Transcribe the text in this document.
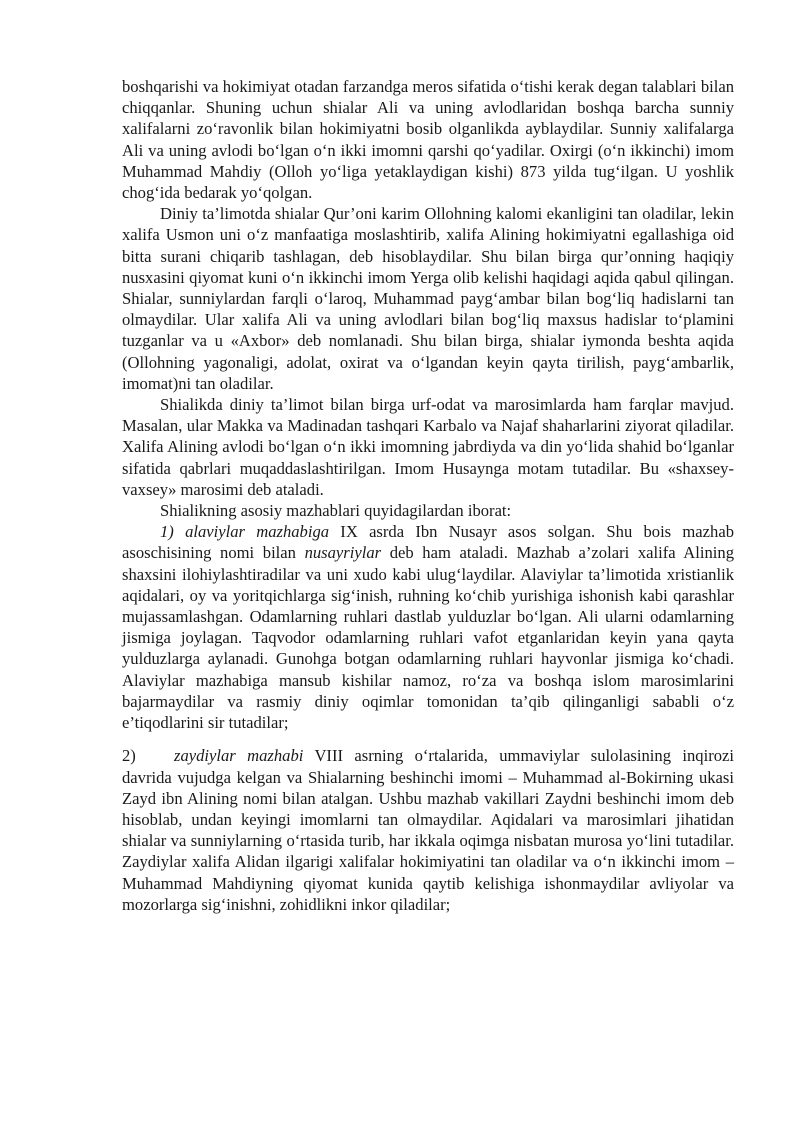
boshqarishi va hokimiyat otadan farzandga meros sifatida o‘tishi kerak degan talablari bilan chiqqanlar. Shuning uchun shialar Ali va uning avlodlaridan boshqa barcha sunniy xalifalarni zo‘ravonlik bilan hokimiyatni bosib olganlikda ayblaydilar. Sunniy xalifalarga Ali va uning avlodi bo‘lgan o‘n ikki imomni qarshi qo‘yadilar. Oxirgi (o‘n ikkinchi) imom Muhammad Mahdiy (Olloh yo‘liga yetaklaydigan kishi) 873 yilda tug‘ilgan. U yoshlik chog‘ida bedarak yo‘qolgan.

Diniy ta’limotda shialar Qur’oni karim Ollohning kalomi ekanligini tan oladilar, lekin xalifa Usmon uni o‘z manfaatiga moslashtirib, xalifa Alining hokimiyatni egallashiga oid bitta surani chiqarib tashlagan, deb hisoblaydilar. Shu bilan birga qur’onning haqiqiy nusxasini qiyomat kuni o‘n ikkinchi imom Yerga olib kelishi haqidagi aqida qabul qilingan. Shialar, sunniylardan farqli o‘laroq, Muhammad payg‘ambar bilan bog‘liq hadislarni tan olmaydilar. Ular xalifa Ali va uning avlodlari bilan bog‘liq maxsus hadislar to‘plamini tuzganlar va u «Axbor» deb nomlanadi. Shu bilan birga, shialar iymonda beshta aqida (Ollohning yagonaligi, adolat, oxirat va o‘lgandan keyin qayta tirilish, payg‘ambarlik, imomat)ni tan oladilar.

Shialikda diniy ta’limot bilan birga urf-odat va marosimlarda ham farqlar mavjud. Masalan, ular Makka va Madinadan tashqari Karbalo va Najaf shaharlarini ziyorat qiladilar. Xalifa Alining avlodi bo‘lgan o‘n ikki imomning jabrdiyda va din yo‘lida shahid bo‘lganlar sifatida qabrlari muqaddaslashtirilgan. Imom Husaynga motam tutadilar. Bu «shaxsey- vaxsey» marosimi deb ataladi.

Shialikning asosiy mazhablari quyidagilardan iborat:

1) alaviylar mazhabiga IX asrda Ibn Nusayr asos solgan. Shu bois mazhab asoschisining nomi bilan nusayriylar deb ham ataladi. Mazhab a’zolari xalifa Alining shaxsini ilohiylashtiradilar va uni xudo kabi ulug‘laydilar. Alaviylar ta’limotida xristianlik aqidalari, oy va yoritqichlarga sig‘inish, ruhning ko‘chib yurishiga ishonish kabi qarashlar mujassamlashgan. Odamlarning ruhlari dastlab yulduzlar bo‘lgan. Ali ularni odamlarning jismiga joylagan. Taqvodor odamlarning ruhlari vafot etganlaridan keyin yana qayta yulduzlarga aylanadi. Gunohga botgan odamlarning ruhlari hayvonlar jismiga ko‘chadi. Alaviylar mazhabiga mansub kishilar namoz, ro‘za va boshqa islom marosimlarini bajarmaydilar va rasmiy diniy oqimlar tomonidan ta’qib qilinganligi sababli o‘z e’tiqodlarini sir tutadilar;

2) zaydiylar mazhabi VIII asrning o‘rtalarida, ummaviylar sulolasining inqirozi davrida vujudga kelgan va Shialarning beshinchi imomi – Muhammad al-Bokirning ukasi Zayd ibn Alining nomi bilan atalgan. Ushbu mazhab vakillari Zaydni beshinchi imom deb hisoblab, undan keyingi imomlarni tan olmaydilar. Aqidalari va marosimlari jihatidan shialar va sunniylarning o‘rtasida turib, har ikkala oqimga nisbatan murosa yo‘lini tutadilar. Zaydiylar xalifa Alidan ilgarigi xalifalar hokimiyatini tan oladilar va o‘n ikkinchi imom – Muhammad Mahdiyning qiyomat kunida qaytib kelishiga ishonmaydilar avliyolar va mozorlarga sig‘inishni, zohidlikni inkor qiladilar;
